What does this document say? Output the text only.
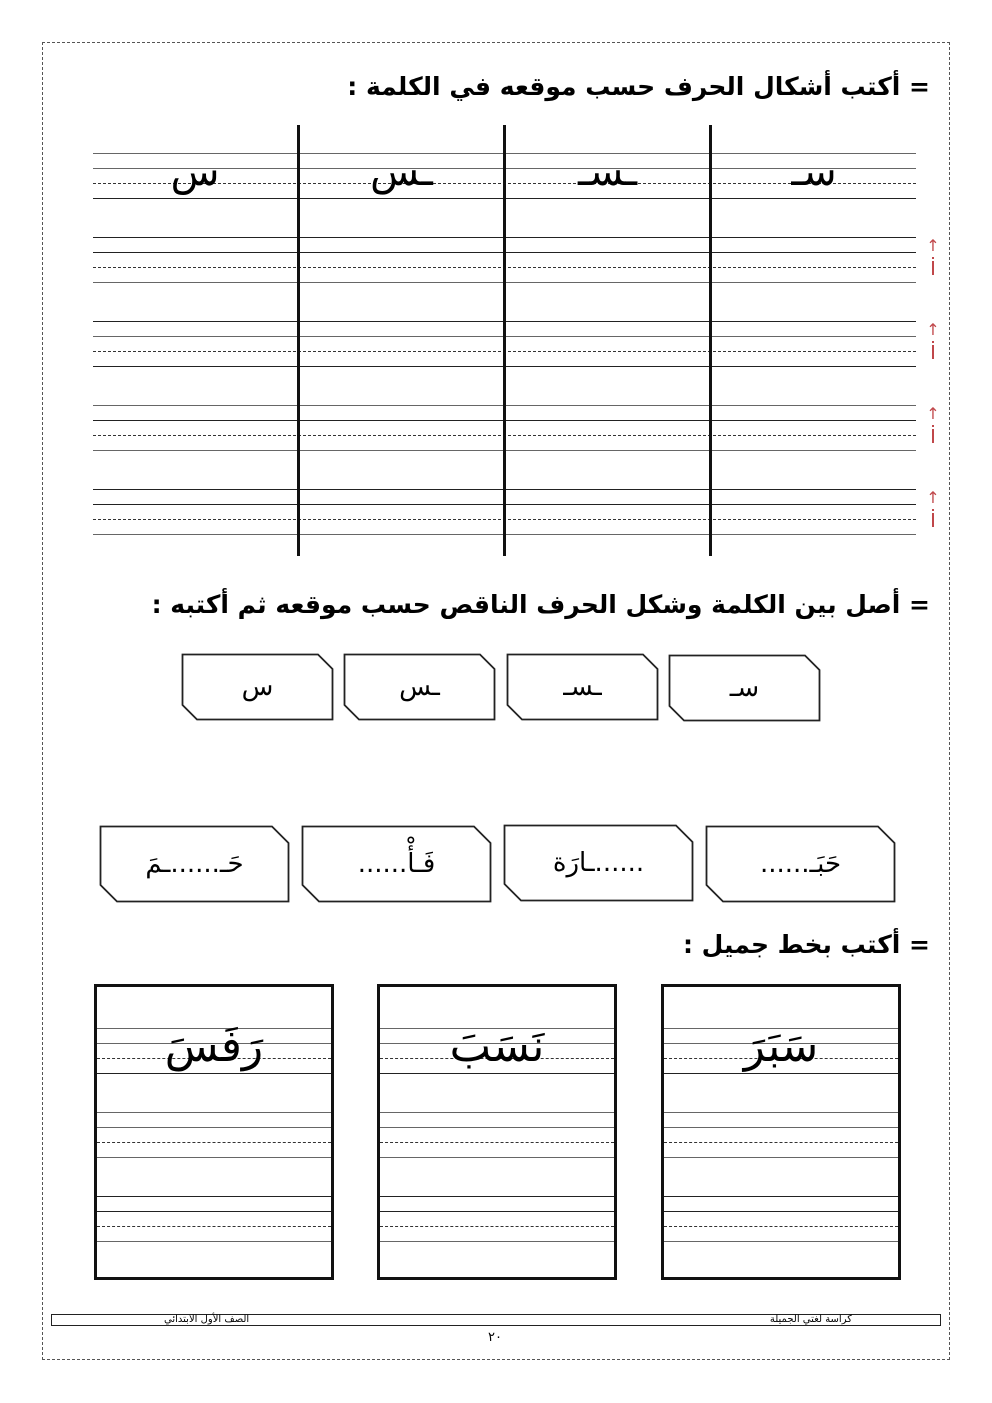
= أكتب أشكال الحرف حسب موقعه في الكلمة :
سـ
ـسـ
ـس
س
↑
↑
↑
↑
= أصل بين الكلمة وشكل الحرف الناقص حسب موقعه ثم أكتبه :
سـ
ـسـ
ـس
س
حَبَـ......
......ـارَة
فَـأْ......
حَـ......ـمَ
= أكتب بخط جميل :
سَبَرَ
نَسَبَ
رَفَسَ
كراسة لغتي الجميلة
الصف الأول الابتدائي
٢٠
